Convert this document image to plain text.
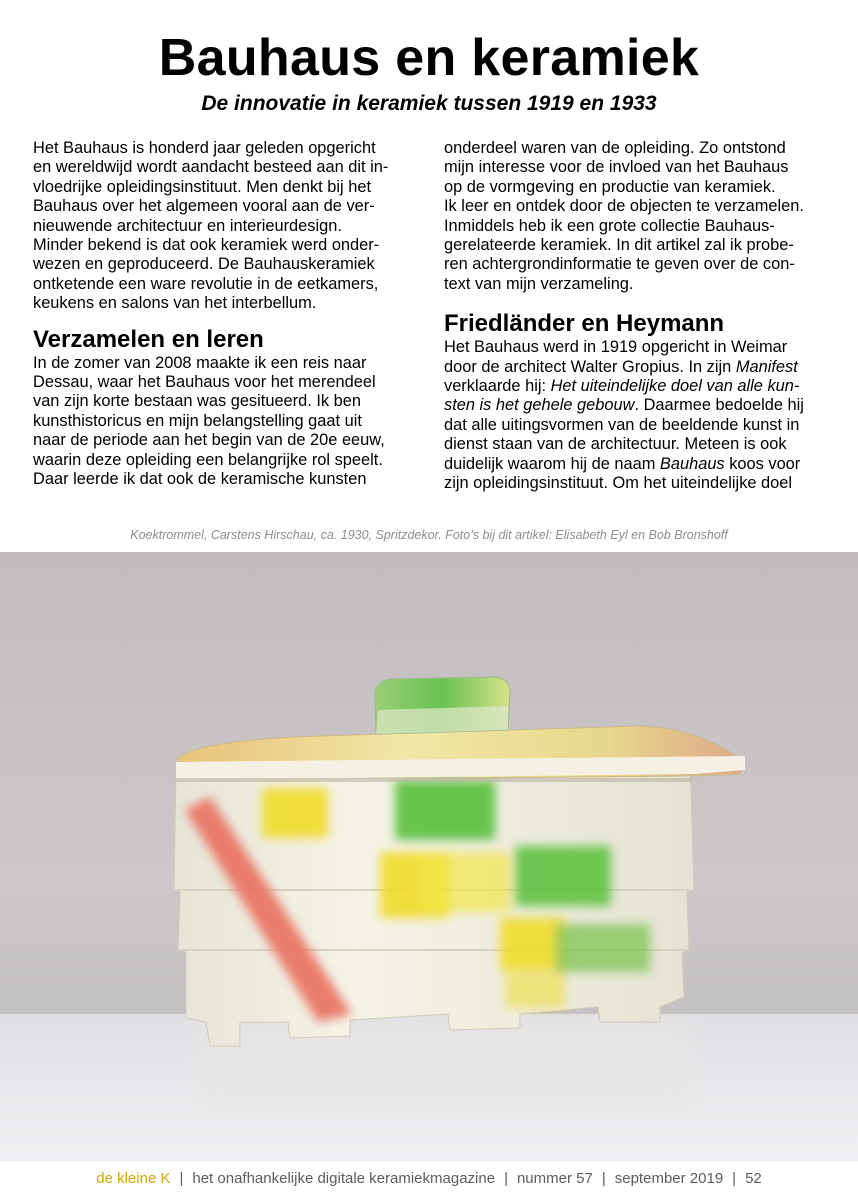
Bauhaus en keramiek
De innovatie in keramiek tussen 1919 en 1933

Het Bauhaus is honderd jaar geleden opgericht
en wereldwijd wordt aandacht besteed aan dit in-
vloedrijke opleidingsinstituut. Men denkt bij het
Bauhaus over het algemeen vooral aan de ver-
nieuwende architectuur en interieurdesign.
Minder bekend is dat ook keramiek werd onder-
wezen en geproduceerd. De Bauhauskeramiek
ontketende een ware revolutie in de eetkamers,
keukens en salons van het interbellum.

Verzamelen en leren

In de zomer van 2008 maakte ik een reis naar
Dessau, waar het Bauhaus voor het merendeel
van zijn korte bestaan was gesitueerd. Ik ben
kunsthistoricus en mijn belangstelling gaat uit
naar de periode aan het begin van de 20e eeuw,
waarin deze opleiding een belangrijke rol speelt.
Daar leerde ik dat ook de keramische kunsten

onderdeel waren van de opleiding. Zo ontstond
mijn interesse voor de invloed van het Bauhaus
op de vormgeving en productie van keramiek.
Ik leer en ontdek door de objecten te verzamelen.
Inmiddels heb ik een grote collectie Bauhaus-
gerelateerde keramiek. In dit artikel zal ik probe-
ren achtergrondinformatie te geven over de con-
text van mijn verzameling.

Friedländer en Heymann

Het Bauhaus werd in 1919 opgericht in Weimar
door de architect Walter Gropius. In zijn Manifest
verklaarde hij: Het uiteindelijke doel van alle kun-
sten is het gehele gebouw. Daarmee bedoelde hij
dat alle uitingsvormen van de beeldende kunst in
dienst staan van de architectuur. Meteen is ook
duidelijk waarom hij de naam Bauhaus koos voor
zijn opleidingsinstituut. Om het uiteindelijke doel

Koektrommel, Carstens Hirschau, ca. 1930, Spritzdekor. Foto’s bij dit artikel: Elisabeth Eyl en Bob Bronshoff
de kleine K | het onafhankelijke digitale keramiekmagazine | nummer 57 | september 2019 | 52
